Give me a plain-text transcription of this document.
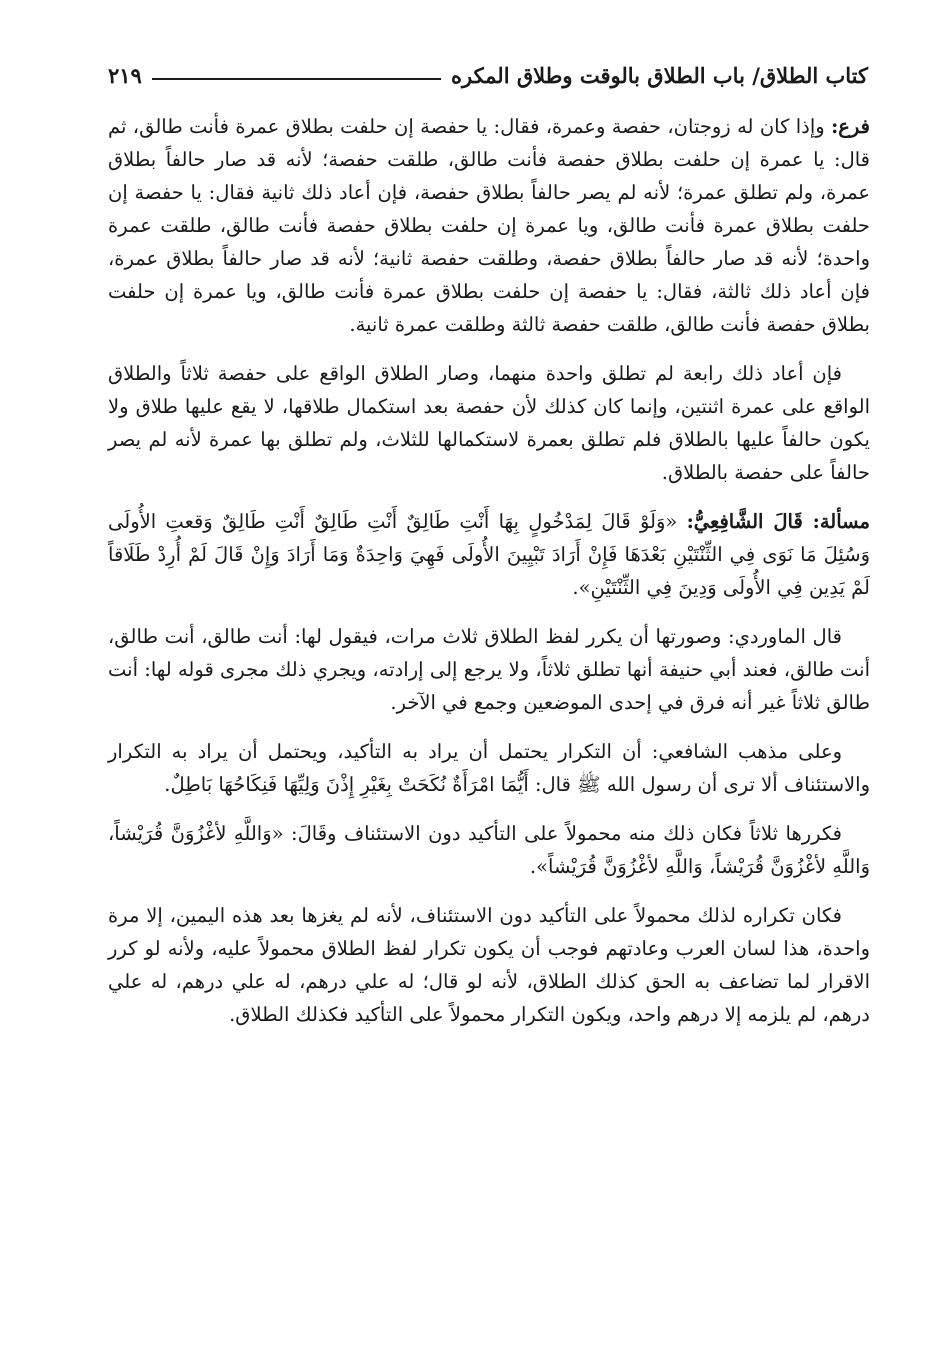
كتاب الطلاق/ باب الطلاق بالوقت وطلاق المكره
٢١٩

فرع: وإذا كان له زوجتان، حفصة وعمرة، فقال: يا حفصة إن حلفت بطلاق عمرة فأنت طالق، ثم قال: يا عمرة إن حلفت بطلاق حفصة فأنت طالق، طلقت حفصة؛ لأنه قد صار حالفاً بطلاق عمرة، ولم تطلق عمرة؛ لأنه لم يصر حالفاً بطلاق حفصة، فإن أعاد ذلك ثانية فقال: يا حفصة إن حلفت بطلاق عمرة فأنت طالق، ويا عمرة إن حلفت بطلاق حفصة فأنت طالق، طلقت عمرة واحدة؛ لأنه قد صار حالفاً بطلاق حفصة، وطلقت حفصة ثانية؛ لأنه قد صار حالفاً بطلاق عمرة، فإن أعاد ذلك ثالثة، فقال: يا حفصة إن حلفت بطلاق عمرة فأنت طالق، ويا عمرة إن حلفت بطلاق حفصة فأنت طالق، طلقت حفصة ثالثة وطلقت عمرة ثانية.

فإن أعاد ذلك رابعة لم تطلق واحدة منهما، وصار الطلاق الواقع على حفصة ثلاثاً والطلاق الواقع على عمرة اثنتين، وإنما كان كذلك لأن حفصة بعد استكمال طلاقها، لا يقع عليها طلاق ولا يكون حالفاً عليها بالطلاق فلم تطلق بعمرة لاستكمالها للثلاث، ولم تطلق بها عمرة لأنه لم يصر حالفاً على حفصة بالطلاق.

مسألة: قَالَ الشَّافِعِيُّ: «وَلَوْ قَالَ لِمَدْخُولٍ بِهَا أَنْتِ طَالِقٌ أَنْتِ طَالِقٌ أَنْتِ طَالِقٌ وَقعتِ الأُولَى وَسُئِلَ مَا نَوَى فِي الثِّنْتَيْنِ بَعْدَهَا فَإِنْ أَرَادَ تَبْيِينَ الأُولَى فَهِيَ وَاحِدَةٌ وَمَا أَرَادَ وَإِنْ قَالَ لَمْ أُرِدْ طَلَاقاً لَمْ يَدِين فِي الأُولَى وَدِينَ فِي الثِّنْتَيْنِ».

قال الماوردي: وصورتها أن يكرر لفظ الطلاق ثلاث مرات، فيقول لها: أنت طالق، أنت طالق، أنت طالق، فعند أبي حنيفة أنها تطلق ثلاثاً، ولا يرجع إلى إرادته، ويجري ذلك مجرى قوله لها: أنت طالق ثلاثاً غير أنه فرق في إحدى الموضعين وجمع في الآخر.

وعلى مذهب الشافعي: أن التكرار يحتمل أن يراد به التأكيد، ويحتمل أن يراد به التكرار والاستئناف ألا ترى أن رسول الله ﷺ قال: أَيُّمَا امْرَأَةٌ نُكَحَتْ بِغَيْرِ إِذْنَ وَلِيِّهَا فَنِكَاحُهَا بَاطِلٌ.

فكررها ثلاثاً فكان ذلك منه محمولاً على التأكيد دون الاستئناف وقَالَ: «وَاللَّهِ لأغْزُوَنَّ قُرَيْشاً، وَاللَّهِ لأغْزُوَنَّ قُرَيْشاً، وَاللَّهِ لأغْزُوَنَّ قُرَيْشاً».

فكان تكراره لذلك محمولاً على التأكيد دون الاستئناف، لأنه لم يغزها بعد هذه اليمين، إلا مرة واحدة، هذا لسان العرب وعادتهم فوجب أن يكون تكرار لفظ الطلاق محمولاً عليه، ولأنه لو كرر الاقرار لما تضاعف به الحق كذلك الطلاق، لأنه لو قال؛ له علي درهم، له علي درهم، له علي درهم، لم يلزمه إلا درهم واحد، ويكون التكرار محمولاً على التأكيد فكذلك الطلاق.
